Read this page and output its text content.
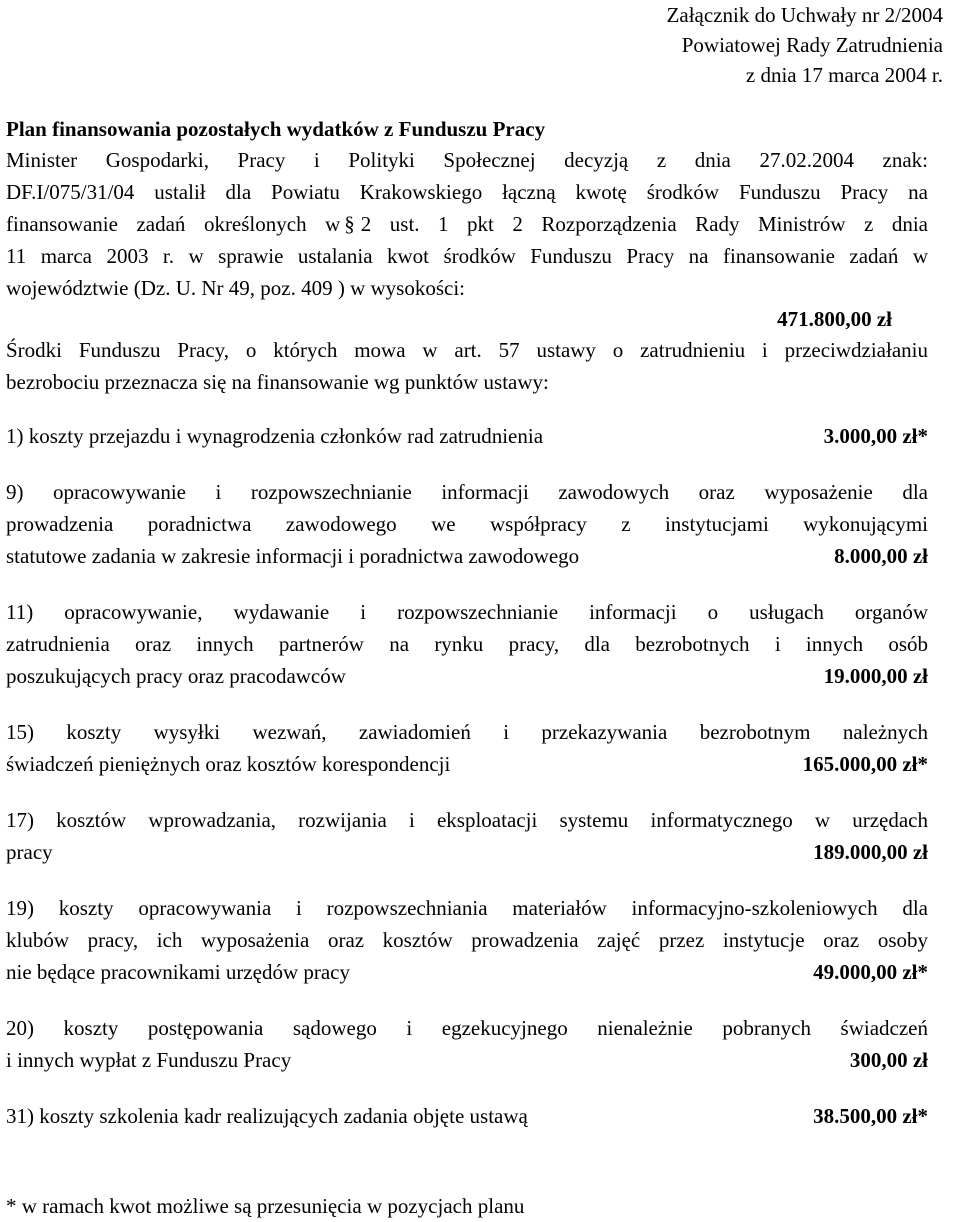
Załącznik do Uchwały nr 2/2004
Powiatowej Rady Zatrudnienia
z dnia 17 marca 2004 r.
Plan finansowania pozostałych wydatków z Funduszu Pracy
Minister Gospodarki, Pracy i Polityki Społecznej decyzją z dnia 27.02.2004 znak:
DF.I/075/31/04 ustalił dla Powiatu Krakowskiego łączną kwotę środków Funduszu Pracy na
finansowanie zadań określonych w § 2 ust. 1 pkt 2 Rozporządzenia Rady Ministrów z dnia
11 marca 2003 r. w sprawie ustalania kwot środków Funduszu Pracy na finansowanie zadań w
województwie (Dz. U. Nr 49, poz. 409 ) w wysokości:
471.800,00 zł
Środki Funduszu Pracy, o których mowa w art. 57 ustawy o zatrudnieniu i przeciwdziałaniu
bezrobociu przeznacza się na finansowanie wg punktów ustawy:
1) koszty przejazdu i wynagrodzenia członków rad zatrudnienia	3.000,00 zł*
9) opracowywanie i rozpowszechnianie informacji zawodowych oraz wyposażenie dla
prowadzenia poradnictwa zawodowego we współpracy z instytucjami wykonującymi
statutowe zadania w zakresie informacji i poradnictwa zawodowego	8.000,00 zł
11) opracowywanie, wydawanie i rozpowszechnianie informacji o usługach organów
zatrudnienia oraz innych partnerów na rynku pracy, dla bezrobotnych i innych osób
poszukujących pracy oraz pracodawców	19.000,00 zł
15) koszty wysyłki wezwań, zawiadomień i przekazywania bezrobotnym należnych
świadczeń pieniężnych oraz kosztów korespondencji	165.000,00 zł*
17) kosztów wprowadzania, rozwijania i eksploatacji systemu informatycznego w urzędach
pracy	189.000,00 zł
19) koszty opracowywania i rozpowszechniania materiałów informacyjno-szkoleniowych dla
klubów pracy, ich wyposażenia oraz kosztów prowadzenia zajęć przez instytucje oraz osoby
nie będące pracownikami urzędów pracy	49.000,00 zł*
20) koszty postępowania sądowego i egzekucyjnego nienależnie pobranych świadczeń
i innych wypłat z Funduszu Pracy	300,00 zł
31) koszty szkolenia kadr realizujących zadania objęte ustawą	38.500,00 zł*
* w ramach kwot możliwe są przesunięcia w pozycjach planu
